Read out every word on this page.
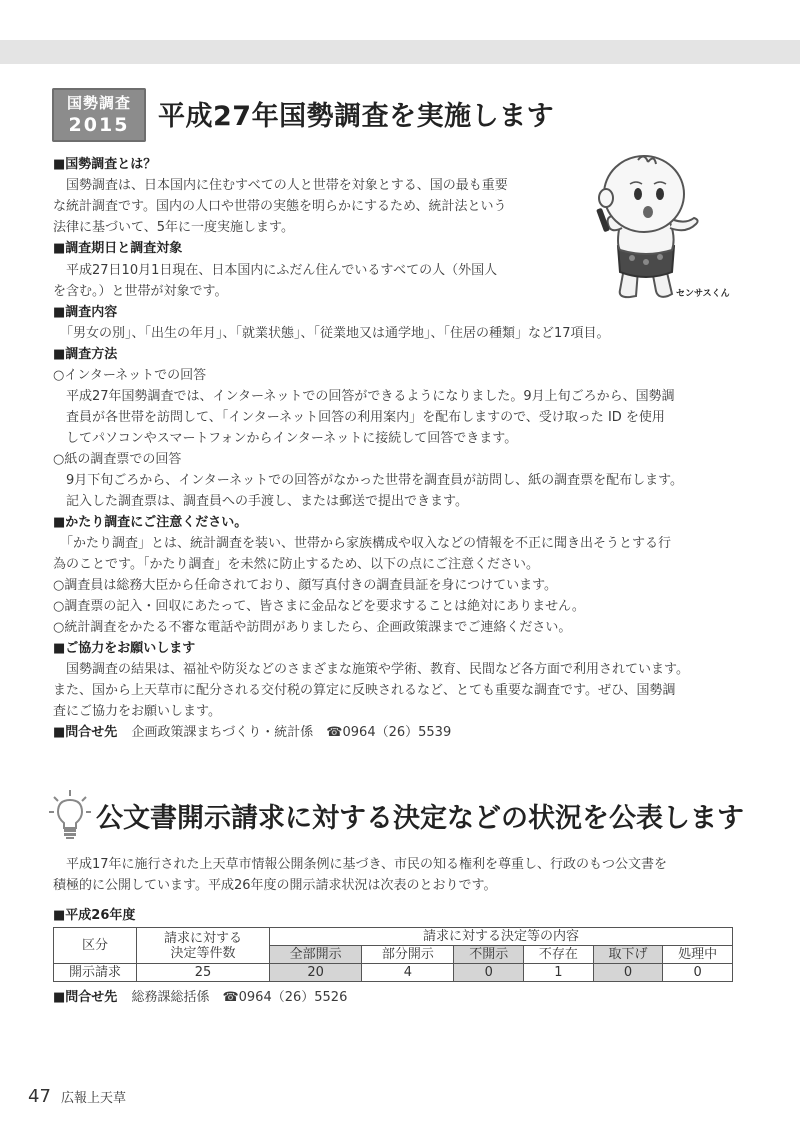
国勢調査
2015	平成27年国勢調査を実施します
■国勢調査とは？
国勢調査は、日本国内に住むすべての人と世帯を対象とする、国の最も重要
な統計調査です。国内の人口や世帯の実態を明らかにするため、統計法という
法律に基づいて、5年に一度実施します。
■調査期日と調査対象
平成27日10月1日現在、日本国内にふだん住んでいるすべての人（外国人
を含む。）と世帯が対象です。
■調査内容
「男女の別」、「出生の年月」、「就業状態」、「従業地又は通学地」、「住居の種類」など17項目。
■調査方法
○インターネットでの回答
平成27年国勢調査では、インターネットでの回答ができるようになりました。9月上旬ごろから、国勢調
査員が各世帯を訪問して、「インターネット回答の利用案内」を配布しますので、受け取った ID を使用
してパソコンやスマートフォンからインターネットに接続して回答できます。
○紙の調査票での回答
9月下旬ごろから、インターネットでの回答がなかった世帯を調査員が訪問し、紙の調査票を配布します。
記入した調査票は、調査員への手渡し、または郵送で提出できます。
■かたり調査にご注意ください。
「かたり調査」とは、統計調査を装い、世帯から家族構成や収入などの情報を不正に聞き出そうとする行
為のことです。「かたり調査」を未然に防止するため、以下の点にご注意ください。
○調査員は総務大臣から任命されており、顔写真付きの調査員証を身につけています。
○調査票の記入・回収にあたって、皆さまに金品などを要求することは絶対にありません。
○統計調査をかたる不審な電話や訪問がありましたら、企画政策課までご連絡ください。
■ご協力をお願いします
国勢調査の結果は、福祉や防災などのさまざまな施策や学術、教育、民間など各方面で利用されています。
また、国から上天草市に配分される交付税の算定に反映されるなど、とても重要な調査です。ぜひ、国勢調
査にご協力をお願いします。
■問合せ先 企画政策課まちづくり・統計係　☎0964（26）5539
センサスくん
公文書開示請求に対する決定などの状況を公表します
平成17年に施行された上天草市情報公開条例に基づき、市民の知る権利を尊重し、行政のもつ公文書を
積極的に公開しています。平成26年度の開示請求状況は次表のとおりです。
■平成26年度
区分	請求に対する
決定等件数	請求に対する決定等の内容					
		全部開示	部分開示	不開示	不存在	取下げ	処理中
開示請求	25	20	4	0	1	0	0
■問合せ先 総務課総括係　☎0964（26）5526
47 広報上天草
